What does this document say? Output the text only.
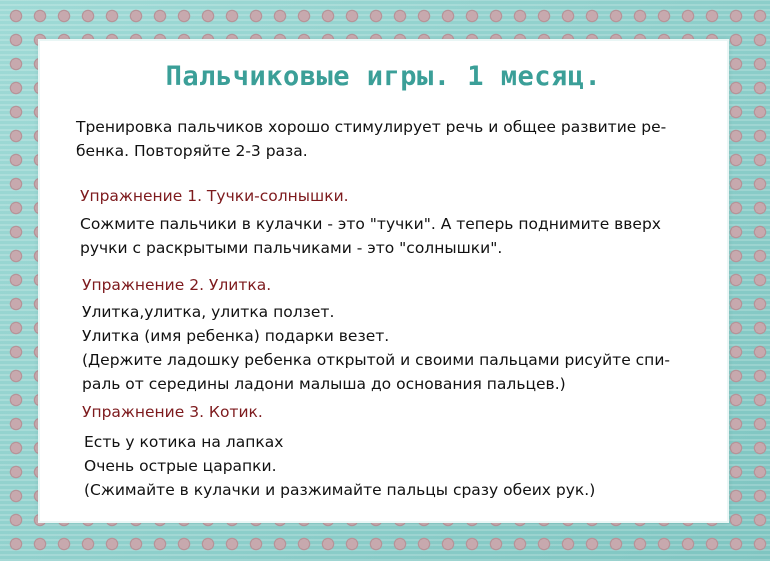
Пальчиковые игры. 1 месяц.

Тренировка пальчиков хорошо стимулирует речь и общее развитие ре-
бенка. Повторяйте 2-3 раза.

Упражнение 1. Тучки-солнышки.

Сожмите пальчики в кулачки - это "тучки". А теперь поднимите вверх
ручки с раскрытыми пальчиками - это "солнышки".

Упражнение 2. Улитка.

Улитка,улитка, улитка ползет.
Улитка (имя ребенка) подарки везет.
(Держите ладошку ребенка открытой и своими пальцами рисуйте спи-
раль от середины ладони малыша до основания пальцев.)

Упражнение 3. Котик.

Есть у котика на лапках
Очень острые царапки.
(Сжимайте в кулачки и разжимайте пальцы сразу обеих рук.)
